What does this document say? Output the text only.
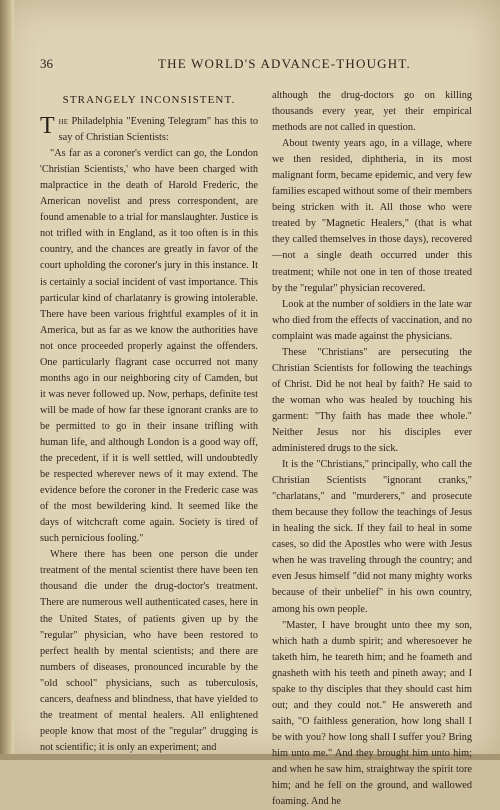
36	THE WORLD'S ADVANCE-THOUGHT.
STRANGELY INCONSISTENT.

The Philadelphia "Evening Telegram" has this to say of Christian Scientists:

"As far as a coroner's verdict can go, the London 'Christian Scientists,' who have been charged with malpractice in the death of Harold Frederic, the American novelist and press correspondent, are found amenable to a trial for manslaughter. Justice is not trifled with in England, as it too often is in this country, and the chances are greatly in favor of the court upholding the coroner's jury in this instance. It is certainly a social incident of vast importance. This particular kind of charlatanry is growing intolerable. There have been various frightful examples of it in America, but as far as we know the authorities have not once proceeded properly against the offenders. One particularly flagrant case occurred not many months ago in our neighboring city of Camden, but it was never followed up. Now, perhaps, definite test will be made of how far these ignorant cranks are to be permitted to go in their insane trifling with human life, and although London is a good way off, the precedent, if it is well settled, will undoubtedly be respected wherever news of it may extend. The evidence before the coroner in the Frederic case was of the most bewildering kind. It seemed like the days of witchcraft come again. Society is tired of such pernicious fooling."

Where there has been one person die under treatment of the mental scientist there have been ten thousand die under the drug-doctor's treatment. There are numerous well authenticated cases, here in the United States, of patients given up by the "regular" physician, who have been restored to perfect health by mental scientists; and there are numbers of diseases, pronounced incurable by the "old school" physicians, such as tuberculosis, cancers, deafness and blindness, that have yielded to the treatment of mental healers. All enlightened people know that most of the "regular" drugging is not scientific; it is only an experiment; and

although the drug-doctors go on killing thousands every year, yet their empirical methods are not called in question.

About twenty years ago, in a village, where we then resided, diphtheria, in its most malignant form, became epidemic, and very few families escaped without some of their members being stricken with it. All those who were treated by "Magnetic Healers," (that is what they called themselves in those days), recovered—not a single death occurred under this treatment; while not one in ten of those treated by the "regular" physician recovered.

Look at the number of soldiers in the late war who died from the effects of vaccination, and no complaint was made against the physicians.

These "Christians" are persecuting the Christian Scientists for following the teachings of Christ. Did he not heal by faith? He said to the woman who was healed by touching his garment: "Thy faith has made thee whole." Neither Jesus nor his disciples ever administered drugs to the sick.

It is the "Christians," principally, who call the Christian Scientists "ignorant cranks," "charlatans," and "murderers," and prosecute them because they follow the teachings of Jesus in healing the sick. If they fail to heal in some cases, so did the Apostles who were with Jesus when he was traveling through the country; and even Jesus himself "did not many mighty works because of their unbelief" in his own country, among his own people.

"Master, I have brought unto thee my son, which hath a dumb spirit; and wheresoever he taketh him, he teareth him; and he foameth and gnasheth with his teeth and pineth away; and I spake to thy disciples that they should cast him out; and they could not." He answereth and saith, "O faithless generation, how long shall I be with you? how long shall I suffer you? Bring him unto me." And they brought him unto him; and when he saw him, straightway the spirit tore him; and he fell on the ground, and wallowed foaming. And he
